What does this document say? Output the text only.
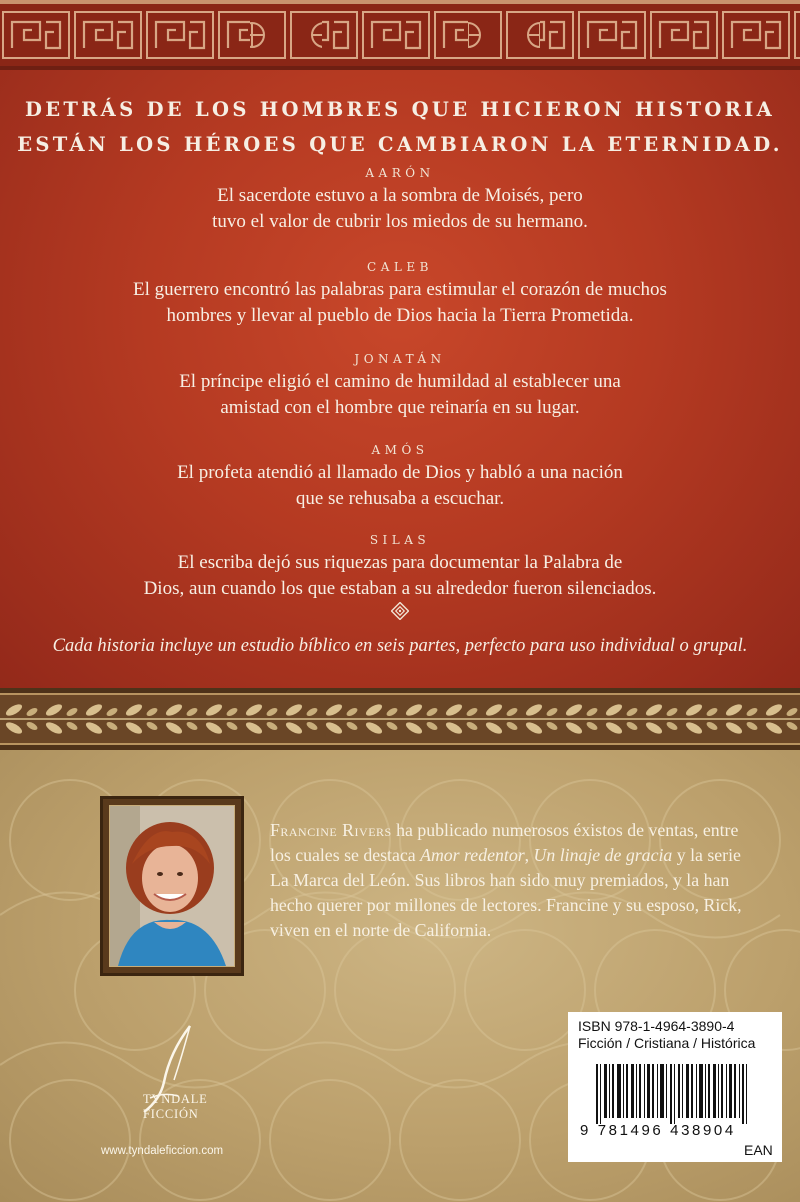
DETRÁS DE LOS HOMBRES QUE HICIERON HISTORIA
ESTÁN LOS HÉROES QUE CAMBIARON LA ETERNIDAD.
AARÓN
El sacerdote estuvo a la sombra de Moisés, pero
tuvo el valor de cubrir los miedos de su hermano.
CALEB
El guerrero encontró las palabras para estimular el corazón de muchos
hombres y llevar al pueblo de Dios hacia la Tierra Prometida.
JONATÁN
El príncipe eligió el camino de humildad al establecer una
amistad con el hombre que reinaría en su lugar.
AMÓS
El profeta atendió al llamado de Dios y habló a una nación
que se rehusaba a escuchar.
SILAS
El escriba dejó sus riquezas para documentar la Palabra de
Dios, aun cuando los que estaban a su alrededor fueron silenciados.
Cada historia incluye un estudio bíblico en seis partes, perfecto para uso individual o grupal.
Francine Rivers ha publicado numerosos éxistos de ventas, entre los cuales se destaca Amor redentor, Un linaje de gracia y la serie La Marca del León. Sus libros han sido muy premiados, y la han hecho querer por millones de lectores. Francine y su esposo, Rick, viven en el norte de California.
TYNDALE
FICCIÓN
www.tyndaleficcion.com
ISBN 978-1-4964-3890-4
Ficción / Cristiana / Histórica
9 781496 438904
EAN
